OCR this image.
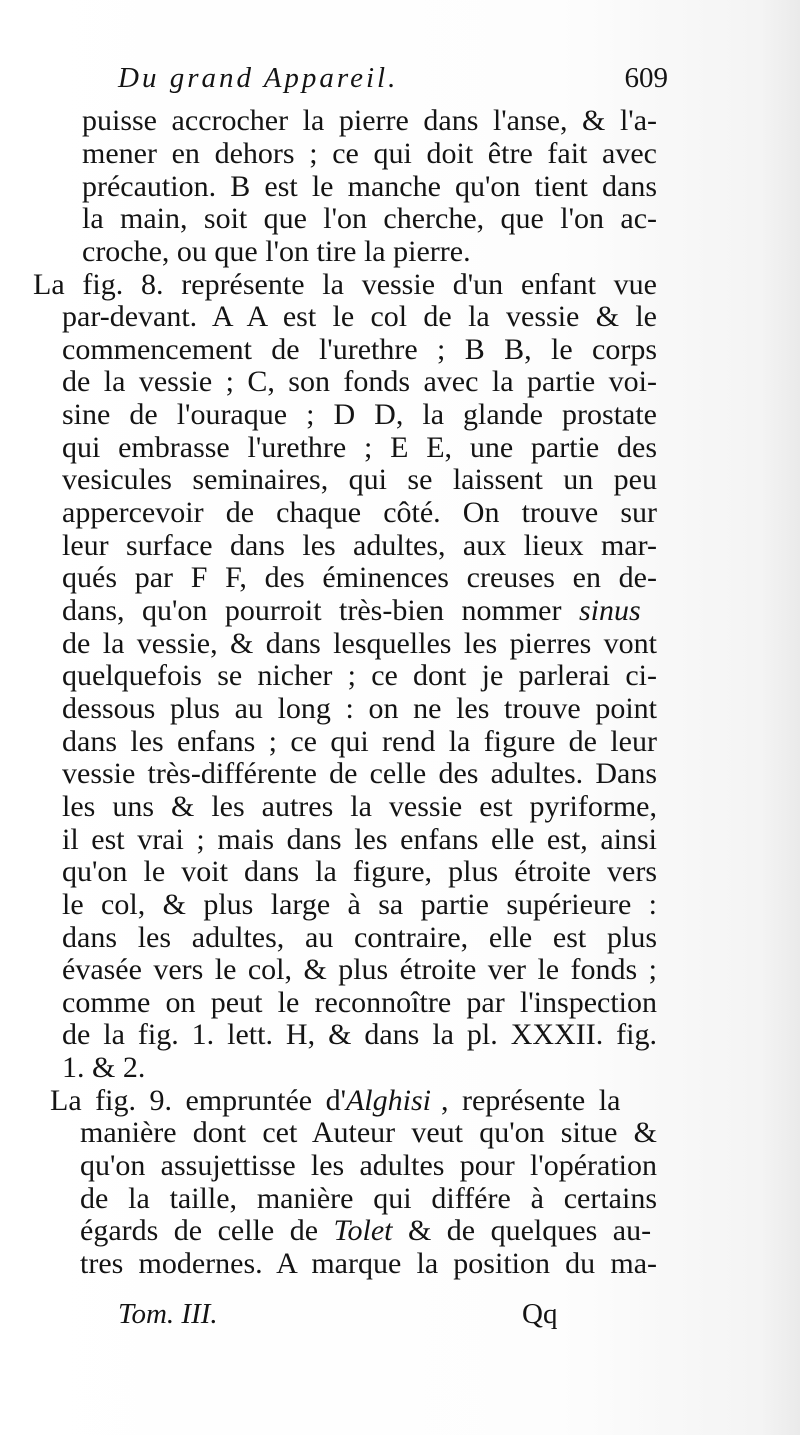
Du grand Appareil.	609
puisse accrocher la pierre dans l'anse, & l'a-
mener en dehors ; ce qui doit être fait avec
précaution. B est le manche qu'on tient dans
la main, soit que l'on cherche, que l'on ac-
croche, ou que l'on tire la pierre.
La fig. 8. représente la vessie d'un enfant vue
par-devant. A A est le col de la vessie & le
commencement de l'urethre ; B B, le corps
de la vessie ; C, son fonds avec la partie voi-
sine de l'ouraque ; D D, la glande prostate
qui embrasse l'urethre ; E E, une partie des
vesicules seminaires, qui se laissent un peu
appercevoir de chaque côté. On trouve sur
leur surface dans les adultes, aux lieux mar-
qués par F F, des éminences creuses en de-
dans, qu'on pourroit très-bien nommer sinus
de la vessie, & dans lesquelles les pierres vont
quelquefois se nicher ; ce dont je parlerai ci-
dessous plus au long : on ne les trouve point
dans les enfans ; ce qui rend la figure de leur
vessie très-différente de celle des adultes. Dans
les uns & les autres la vessie est pyriforme,
il est vrai ; mais dans les enfans elle est, ainsi
qu'on le voit dans la figure, plus étroite vers
le col, & plus large à sa partie supérieure :
dans les adultes, au contraire, elle est plus
évasée vers le col, & plus étroite ver le fonds ;
comme on peut le reconnoître par l'inspection
de la fig. 1. lett. H, & dans la pl. XXXII. fig.
1. & 2.
La fig. 9. empruntée d'Alghisi , représente la
manière dont cet Auteur veut qu'on situe &
qu'on assujettisse les adultes pour l'opération
de la taille, manière qui différe à certains
égards de celle de Tolet & de quelques au-
tres modernes. A marque la position du ma-
Tom. III.	Qq
